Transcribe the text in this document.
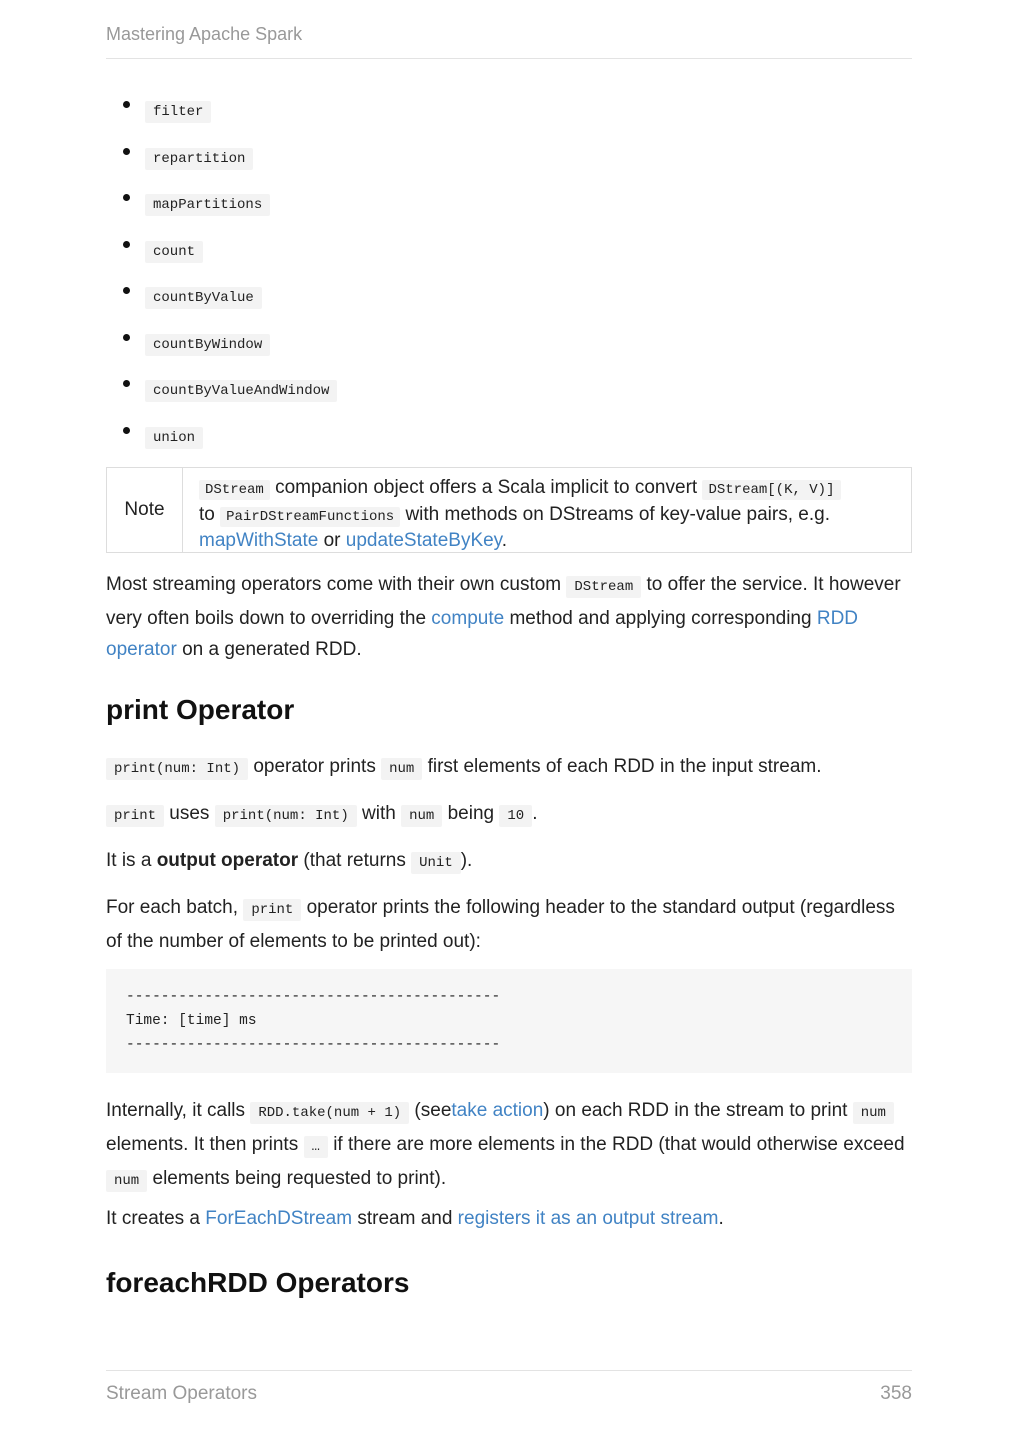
Mastering Apache Spark
filter
repartition
mapPartitions
count
countByValue
countByWindow
countByValueAndWindow
union
Note
DStream companion object offers a Scala implicit to convert DStream[(K, V)]
to PairDStreamFunctions with methods on DStreams of key-value pairs, e.g.
mapWithState or updateStateByKey.

Most streaming operators come with their own custom DStream to offer the service. It however very often boils down to overriding the compute method and applying corresponding RDD operator on a generated RDD.

print Operator

print(num: Int) operator prints num first elements of each RDD in the input stream.

print uses print(num: Int) with num being 10 .

It is a output operator (that returns Unit ).

For each batch, print operator prints the following header to the standard output (regardless of the number of elements to be printed out):

-------------------------------------------
Time: [time] ms
-------------------------------------------

Internally, it calls RDD.take(num + 1) (seetake action) on each RDD in the stream to print num elements. It then prints … if there are more elements in the RDD (that would otherwise exceed num elements being requested to print).

It creates a ForEachDStream stream and registers it as an output stream.

foreachRDD Operators
Stream Operators	358
